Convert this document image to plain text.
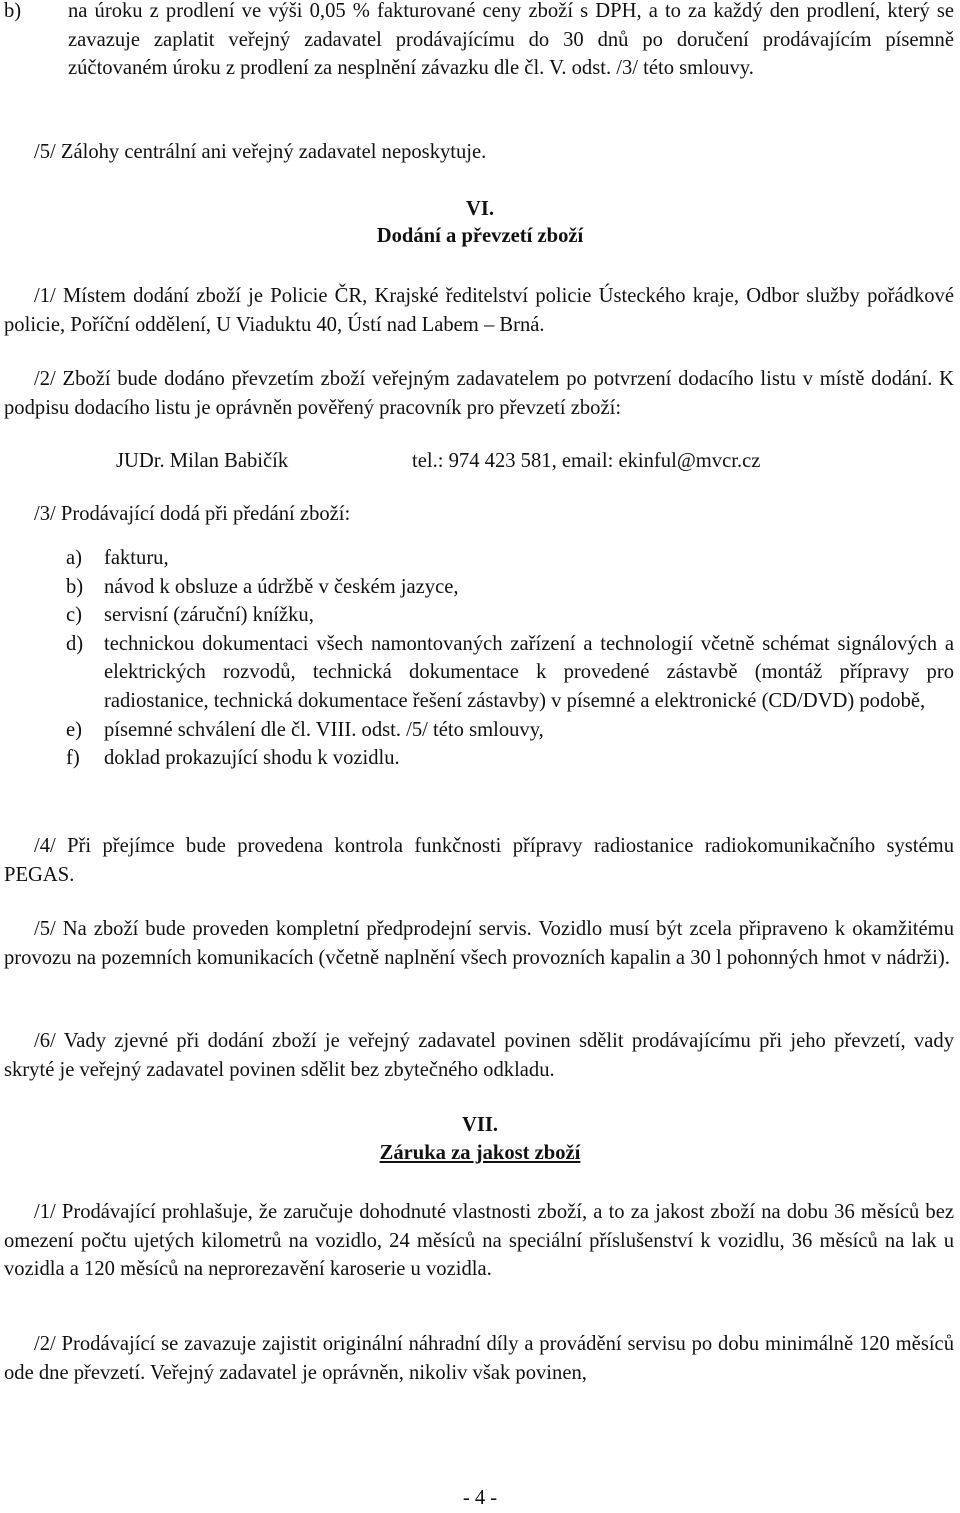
b)	na úroku z prodlení ve výši 0,05 % fakturované ceny zboží s DPH, a to za každý den prodlení, který se zavazuje zaplatit veřejný zadavatel prodávajícímu do 30 dnů po doručení prodávajícím písemně zúčtovaném úroku z prodlení za nesplnění závazku dle čl. V. odst. /3/ této smlouvy.

/5/ Zálohy centrální ani veřejný zadavatel neposkytuje.

VI.
Dodání a převzetí zboží

/1/ Místem dodání zboží je Policie ČR, Krajské ředitelství policie Ústeckého kraje, Odbor služby pořádkové policie, Poříční oddělení, U Viaduktu 40, Ústí nad Labem – Brná.

/2/ Zboží bude dodáno převzetím zboží veřejným zadavatelem po potvrzení dodacího listu v místě dodání. K podpisu dodacího listu je oprávněn pověřený pracovník pro převzetí zboží:

JUDr. Milan Babičík	tel.: 974 423 581, email: ekinful@mvcr.cz

/3/ Prodávající dodá při předání zboží:

a)	fakturu,
b)	návod k obsluze a údržbě v českém jazyce,
c)	servisní (záruční) knížku,
d)	technickou dokumentaci všech namontovaných zařízení a technologií včetně schémat signálových a elektrických rozvodů, technická dokumentace k provedené zástavbě (montáž přípravy pro radiostanice, technická dokumentace řešení zástavby) v písemné a elektronické (CD/DVD) podobě,
e)	písemné schválení dle čl. VIII. odst. /5/ této smlouvy,
f)	doklad prokazující shodu k vozidlu.

/4/ Při přejímce bude provedena kontrola funkčnosti přípravy radiostanice radiokomunikačního systému PEGAS.

/5/ Na zboží bude proveden kompletní předprodejní servis. Vozidlo musí být zcela připraveno k okamžitému provozu na pozemních komunikacích (včetně naplnění všech provozních kapalin a 30 l pohonných hmot v nádrži).

/6/ Vady zjevné při dodání zboží je veřejný zadavatel povinen sdělit prodávajícímu při jeho převzetí, vady skryté je veřejný zadavatel povinen sdělit bez zbytečného odkladu.

VII.
Záruka za jakost zboží

/1/ Prodávající prohlašuje, že zaručuje dohodnuté vlastnosti zboží, a to za jakost zboží na dobu 36 měsíců bez omezení počtu ujetých kilometrů na vozidlo, 24 měsíců na speciální příslušenství k vozidlu, 36 měsíců na lak u vozidla a 120 měsíců na neprorezavění karoserie u vozidla.

/2/ Prodávající se zavazuje zajistit originální náhradní díly a provádění servisu po dobu minimálně 120 měsíců ode dne převzetí. Veřejný zadavatel je oprávněn, nikoliv však povinen,

- 4 -
